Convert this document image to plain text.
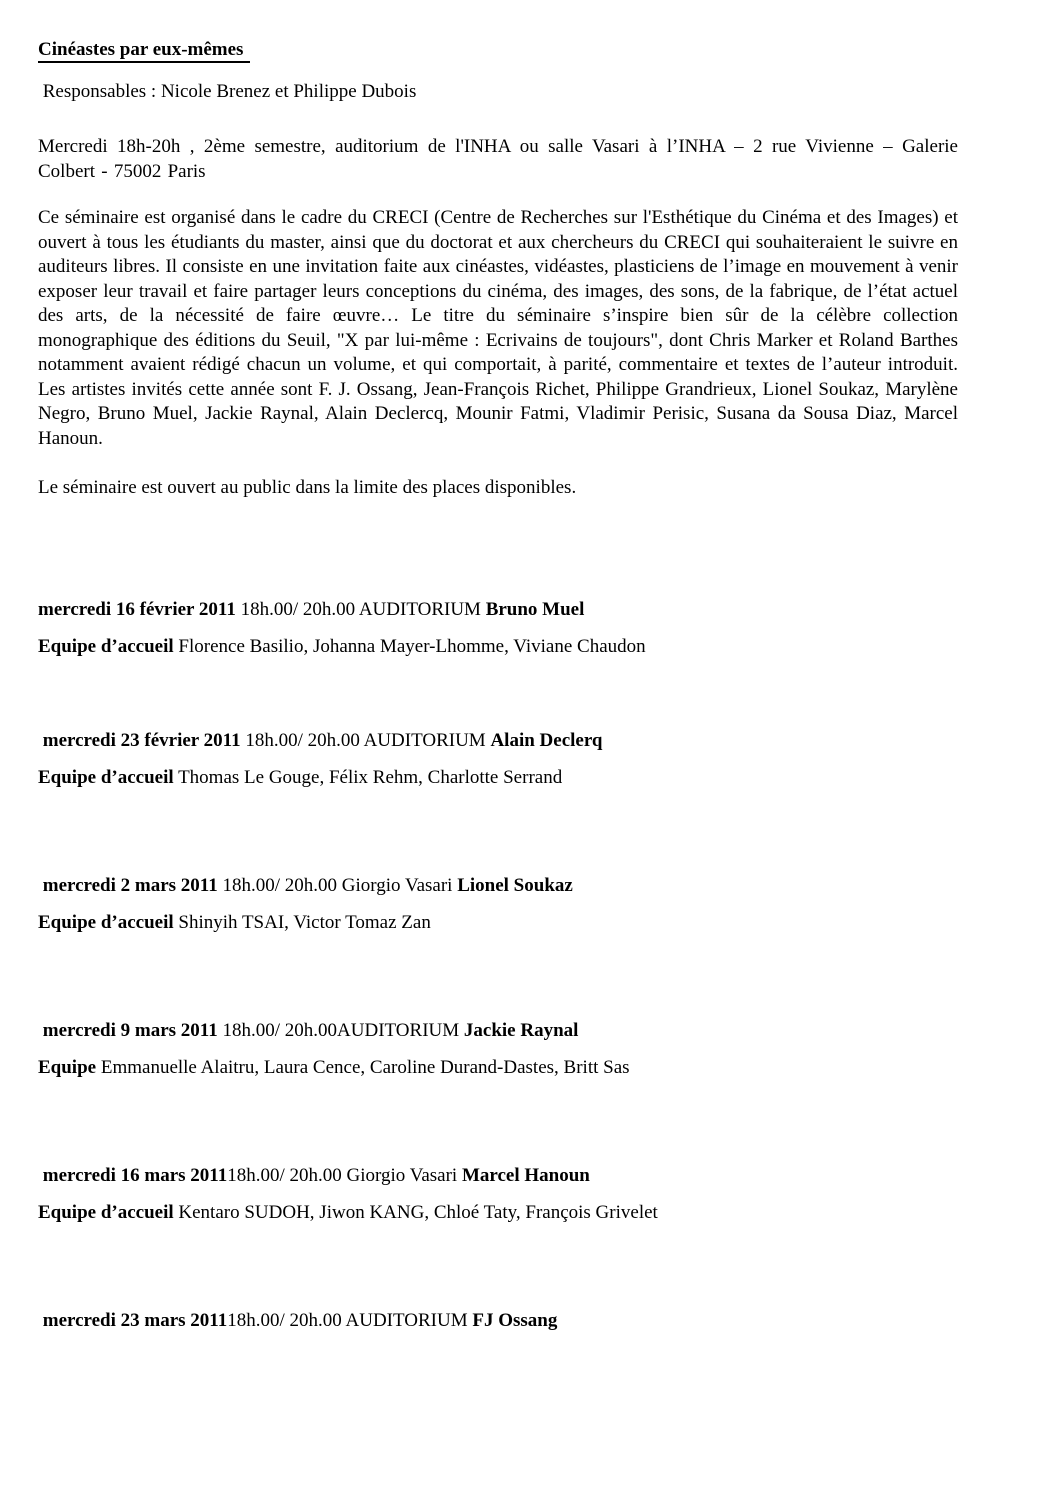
Cinéastes par eux-mêmes

Responsables : Nicole Brenez et Philippe Dubois

Mercredi 18h-20h , 2ème semestre, auditorium de l'INHA ou salle Vasari à l’INHA – 2 rue Vivienne – Galerie Colbert - 75002 Paris

Ce séminaire est organisé dans le cadre du CRECI (Centre de Recherches sur l'Esthétique du Cinéma et des Images) et ouvert à tous les étudiants du master, ainsi que du doctorat et aux chercheurs du CRECI qui souhaiteraient le suivre en auditeurs libres. Il consiste en une invitation faite aux cinéastes, vidéastes, plasticiens de l’image en mouvement à venir exposer leur travail et faire partager leurs conceptions du cinéma, des images, des sons, de la fabrique, de l’état actuel des arts, de la nécessité de faire œuvre… Le titre du séminaire s’inspire bien sûr de la célèbre collection monographique des éditions du Seuil, "X par lui-même : Ecrivains de toujours", dont Chris Marker et Roland Barthes notamment avaient rédigé chacun un volume, et qui comportait, à parité, commentaire et textes de l’auteur introduit. Les artistes invités cette année sont F. J. Ossang, Jean-François Richet, Philippe Grandrieux, Lionel Soukaz, Marylène Negro, Bruno Muel, Jackie Raynal, Alain Declercq, Mounir Fatmi, Vladimir Perisic, Susana da Sousa Diaz, Marcel Hanoun.

Le séminaire est ouvert au public dans la limite des places disponibles.

mercredi 16 février 2011 18h.00/ 20h.00 AUDITORIUM Bruno Muel

Equipe d’accueil Florence Basilio, Johanna Mayer-Lhomme, Viviane Chaudon

mercredi 23 février 2011 18h.00/ 20h.00 AUDITORIUM Alain Declerq

Equipe d’accueil Thomas Le Gouge, Félix Rehm, Charlotte Serrand

mercredi 2 mars 2011 18h.00/ 20h.00 Giorgio Vasari Lionel Soukaz

Equipe d’accueil Shinyih TSAI, Victor Tomaz Zan

mercredi 9 mars 2011 18h.00/ 20h.00AUDITORIUM Jackie Raynal

Equipe Emmanuelle Alaitru, Laura Cence, Caroline Durand-Dastes, Britt Sas

mercredi 16 mars 201118h.00/ 20h.00 Giorgio Vasari Marcel Hanoun

Equipe d’accueil Kentaro SUDOH, Jiwon KANG, Chloé Taty, François Grivelet

mercredi 23 mars 201118h.00/ 20h.00 AUDITORIUM FJ Ossang
